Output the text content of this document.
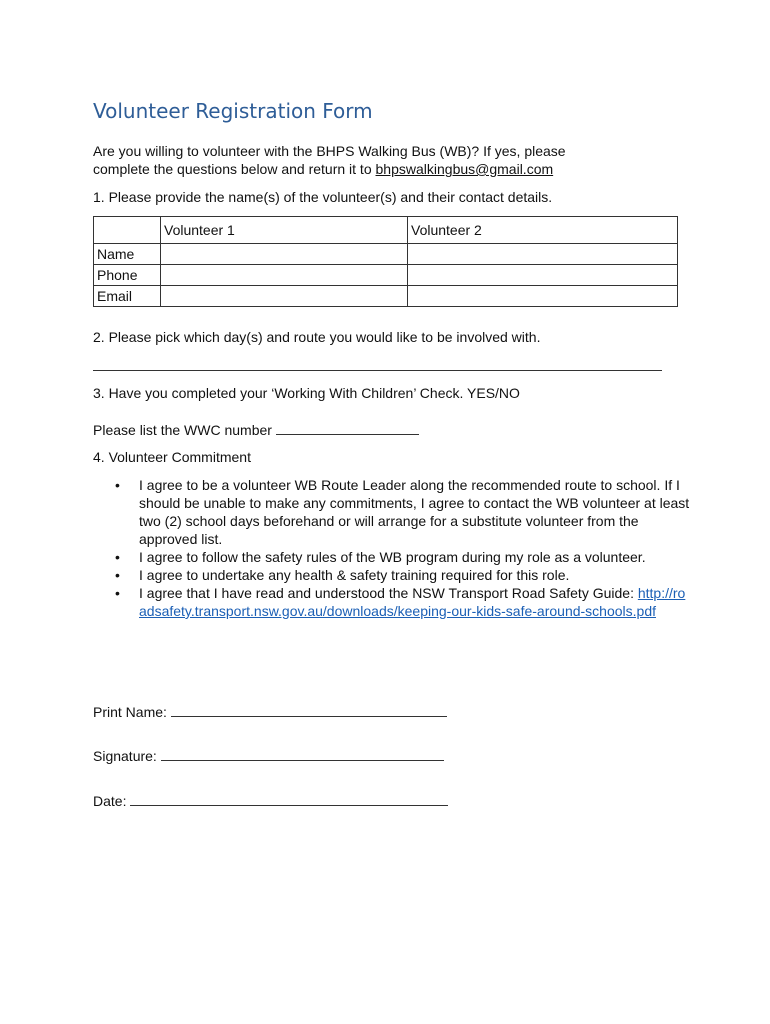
Volunteer Registration Form
Are you willing to volunteer with the BHPS Walking Bus (WB)? If yes, please
complete the questions below and return it to bhpswalkingbus@gmail.com
1. Please provide the name(s) of the volunteer(s) and their contact details.
	Volunteer 1	Volunteer 2
Name		
Phone		
Email		
2. Please pick which day(s) and route you would like to be involved with.
3. Have you completed your ‘Working With Children’ Check. YES/NO
Please list the WWC number
4. Volunteer Commitment
• I agree to be a volunteer WB Route Leader along the recommended route to school. If I should be unable to make any commitments, I agree to contact the WB volunteer at least two (2) school days beforehand or will arrange for a substitute volunteer from the approved list.
• I agree to follow the safety rules of the WB program during my role as a volunteer.
• I agree to undertake any health & safety training required for this role.
• I agree that I have read and understood the NSW Transport Road Safety Guide: http://roadsafety.transport.nsw.gov.au/downloads/keeping-our-kids-safe-around-schools.pdf
Print Name:
Signature:
Date:
